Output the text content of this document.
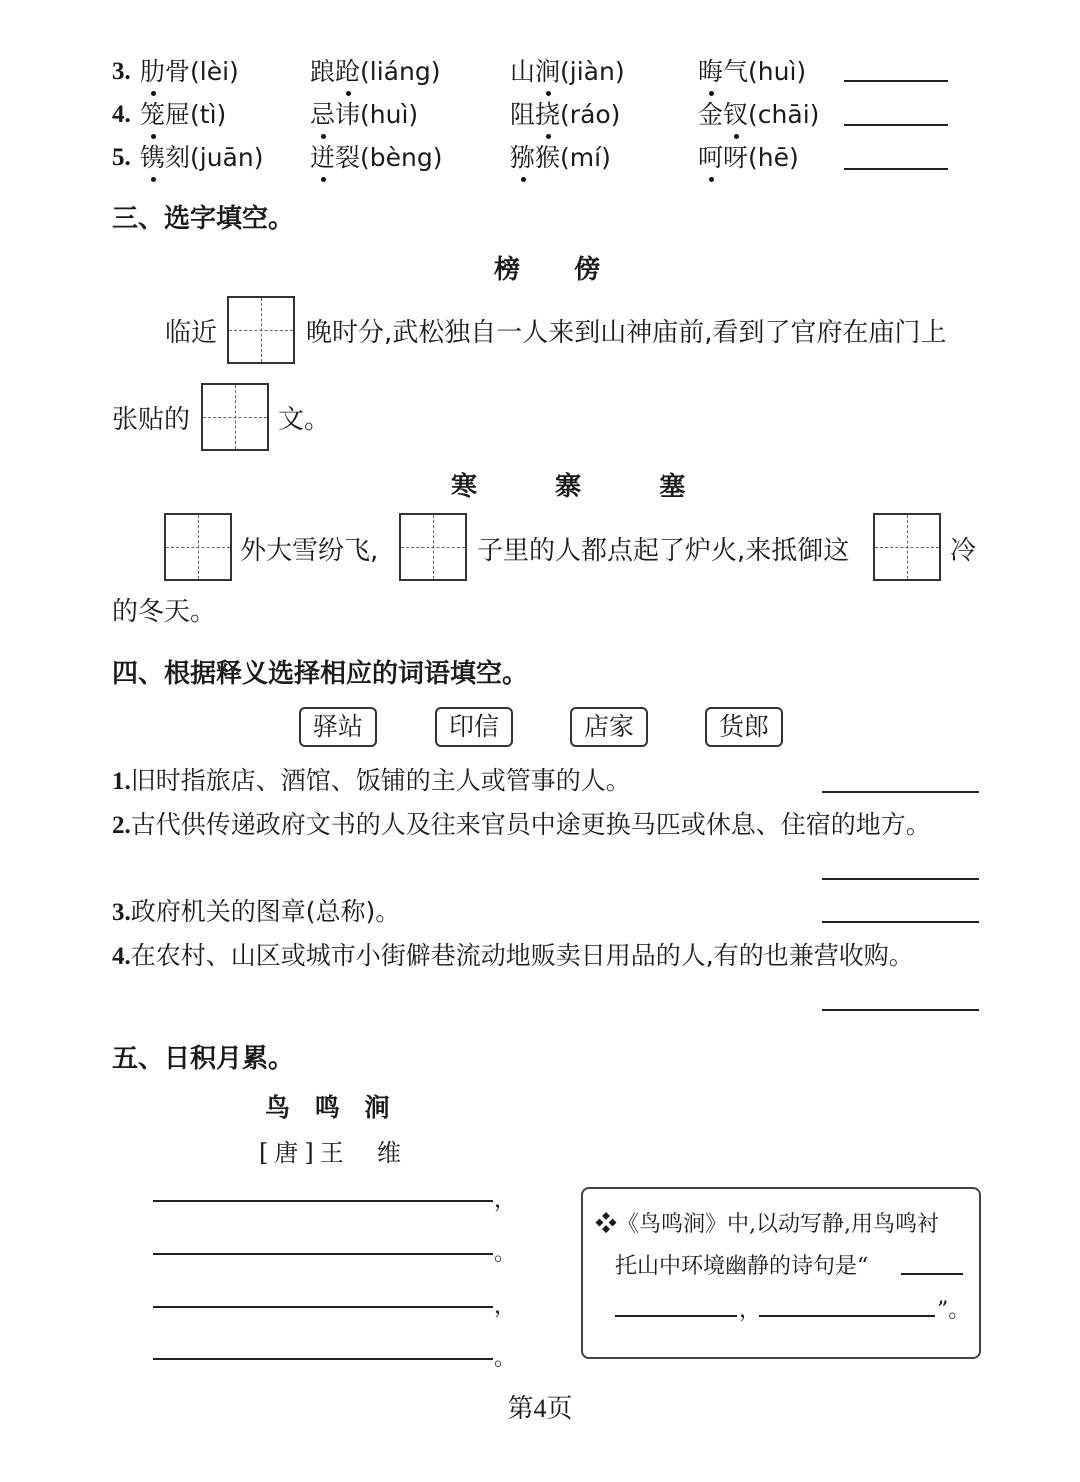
3. 肋骨(lèi)	踉跄(liáng)	山涧(jiàn)	晦气(huì)
4. 笼屉(tì)	忌讳(huì)	阻挠(ráo)	金钗(chāi)
5. 镌刻(juān) 迸裂(bèng)	猕猴(mí)	呵呀(hē)
三、选字填空。
榜  傍
临近	晚时分,武松独自一人来到山神庙前,看到了官府在庙门上
张贴的	文。
寒  寨  塞
外大雪纷飞,	子里的人都点起了炉火,来抵御这	冷
的冬天。
四、根据释义选择相应的词语填空。
驿站	印信	店家	货郎
1.旧时指旅店、酒馆、饭铺的主人或管事的人。
2.古代供传递政府文书的人及往来官员中途更换马匹或休息、住宿的地方。
3.政府机关的图章(总称)。
4.在农村、山区或城市小街僻巷流动地贩卖日用品的人,有的也兼营收购。
五、日积月累。
鸟 鸣 涧
[唐]王  维
，
。
，
。
❖《鸟鸣涧》中,以动写静,用鸟鸣衬
托山中环境幽静的诗句是“
，	”。
第4页
